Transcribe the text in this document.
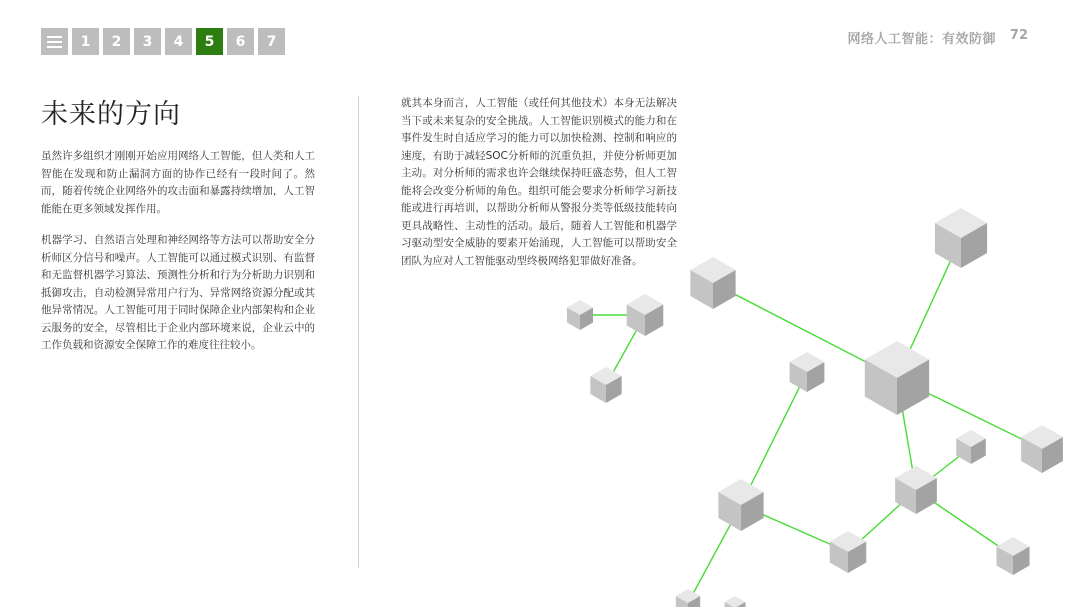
1	2	3	4	5	6	7	网络人工智能：有效防御 72
未来的方向

虽然许多组织才刚刚开始应用网络人工智能，但人类和人工智能在发现和防止漏洞方面的协作已经有一段时间了。然而，随着传统企业网络外的攻击面和暴露持续增加，人工智能能在更多领域发挥作用。

机器学习、自然语言处理和神经网络等方法可以帮助安全分析师区分信号和噪声。人工智能可以通过模式识别、有监督和无监督机器学习算法、预测性分析和行为分析助力识别和抵御攻击，自动检测异常用户行为、异常网络资源分配或其他异常情况。人工智能可用于同时保障企业内部架构和企业云服务的安全，尽管相比于企业内部环境来说，企业云中的工作负载和资源安全保障工作的难度往往较小。

就其本身而言，人工智能（或任何其他技术）本身无法解决当下或未来复杂的安全挑战。人工智能识别模式的能力和在事件发生时自适应学习的能力可以加快检测、控制和响应的速度，有助于减轻SOC分析师的沉重负担，并使分析师更加主动。对分析师的需求也许会继续保持旺盛态势，但人工智能将会改变分析师的角色。组织可能会要求分析师学习新技能或进行再培训，以帮助分析师从警报分类等低级技能转向更具战略性、主动性的活动。最后，随着人工智能和机器学习驱动型安全威胁的要素开始涌现，人工智能可以帮助安全团队为应对人工智能驱动型终极网络犯罪做好准备。
